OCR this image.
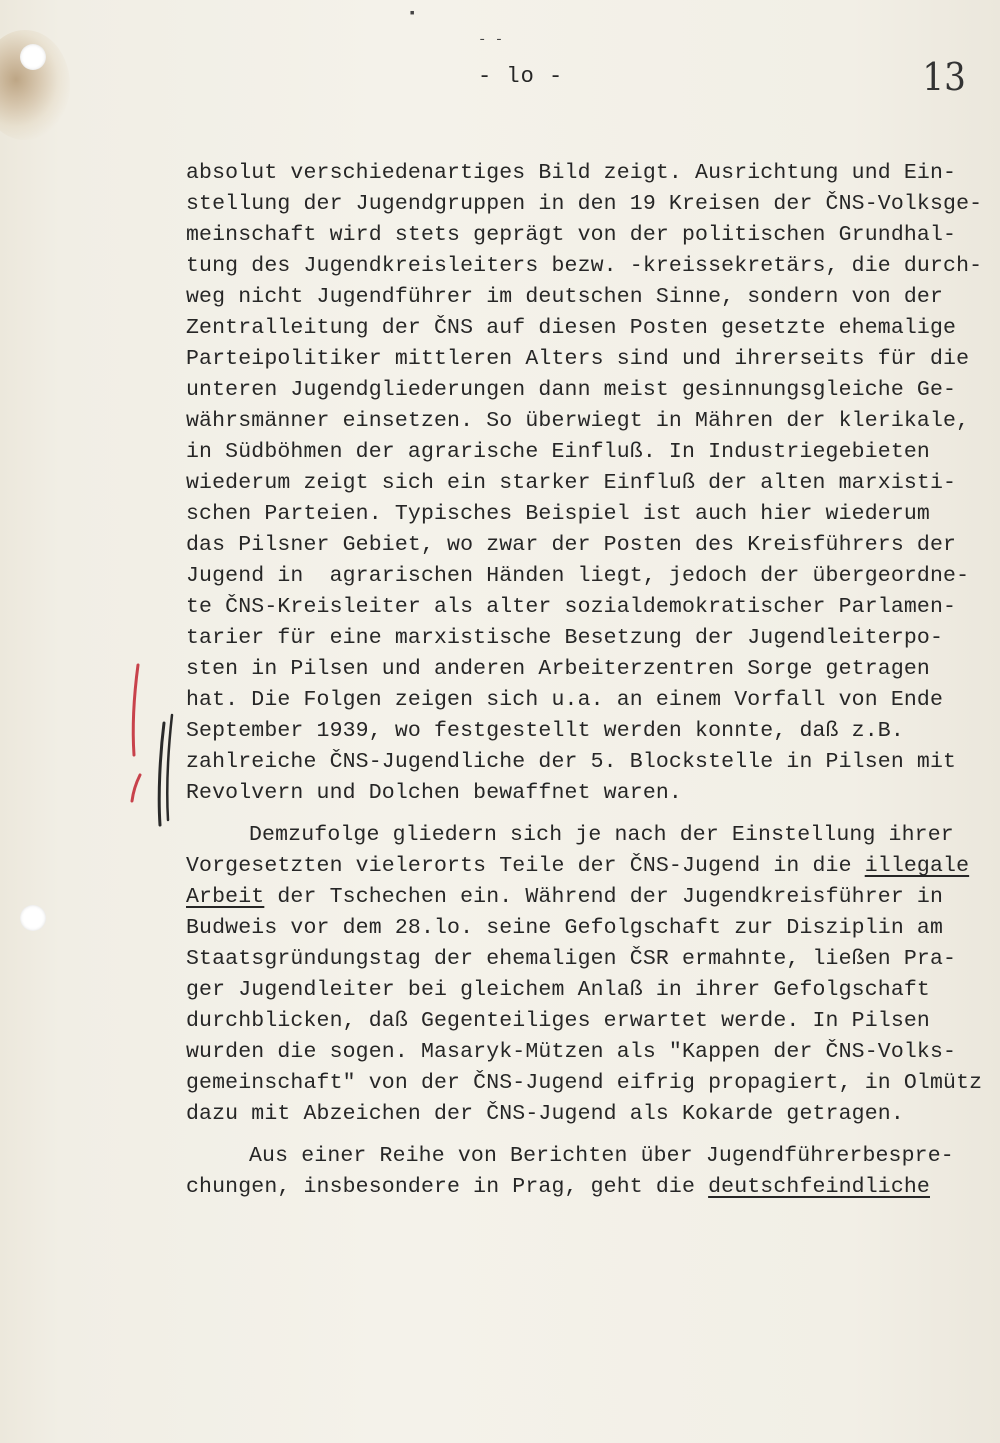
▪
- -
- lo -	13
absolut verschiedenartiges Bild zeigt. Ausrichtung und Ein-
stellung der Jugendgruppen in den 19 Kreisen der ČNS-Volksge-
meinschaft wird stets geprägt von der politischen Grundhal-
tung des Jugendkreisleiters bezw. -kreissekretärs, die durch-
weg nicht Jugendführer im deutschen Sinne, sondern von der
Zentralleitung der ČNS auf diesen Posten gesetzte ehemalige
Parteipolitiker mittleren Alters sind und ihrerseits für die
unteren Jugendgliederungen dann meist gesinnungsgleiche Ge-
währsmänner einsetzen. So überwiegt in Mähren der klerikale,
in Südböhmen der agrarische Einfluß. In Industriegebieten
wiederum zeigt sich ein starker Einfluß der alten marxisti-
schen Parteien. Typisches Beispiel ist auch hier wiederum
das Pilsner Gebiet, wo zwar der Posten des Kreisführers der
Jugend in  agrarischen Händen liegt, jedoch der übergeordne-
te ČNS-Kreisleiter als alter sozialdemokratischer Parlamen-
tarier für eine marxistische Besetzung der Jugendleiterpo-
sten in Pilsen und anderen Arbeiterzentren Sorge getragen
hat. Die Folgen zeigen sich u.a. an einem Vorfall von Ende
September 1939, wo festgestellt werden konnte, daß z.B.
zahlreiche ČNS-Jugendliche der 5. Blockstelle in Pilsen mit
Revolvern und Dolchen bewaffnet waren.
Demzufolge gliedern sich je nach der Einstellung ihrer
Vorgesetzten vielerorts Teile der ČNS-Jugend in die illegale
Arbeit der Tschechen ein. Während der Jugendkreisführer in
Budweis vor dem 28.lo. seine Gefolgschaft zur Disziplin am
Staatsgründungstag der ehemaligen ČSR ermahnte, ließen Pra-
ger Jugendleiter bei gleichem Anlaß in ihrer Gefolgschaft
durchblicken, daß Gegenteiliges erwartet werde. In Pilsen
wurden die sogen. Masaryk-Mützen als "Kappen der ČNS-Volks-
gemeinschaft" von der ČNS-Jugend eifrig propagiert, in Olmütz
dazu mit Abzeichen der ČNS-Jugend als Kokarde getragen.
Aus einer Reihe von Berichten über Jugendführerbespre-
chungen, insbesondere in Prag, geht die deutschfeindliche
